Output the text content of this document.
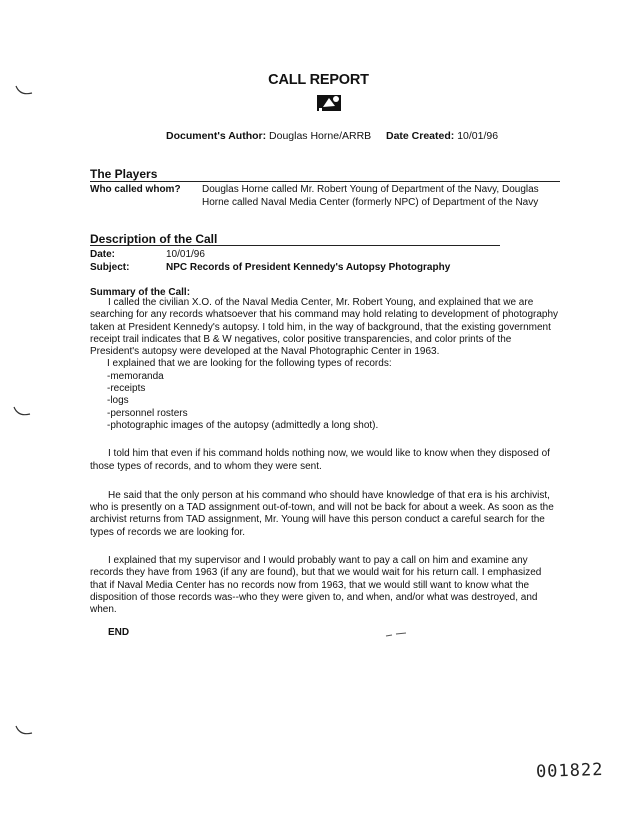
CALL REPORT
Document's Author: Douglas Horne/ARRB Date Created: 10/01/96
The Players
Who called whom? Douglas Horne called Mr. Robert Young of Department of the Navy, Douglas
Horne called Naval Media Center (formerly NPC) of Department of the Navy
Description of the Call
Date:	10/01/96
Subject:	NPC Records of President Kennedy's Autopsy Photography
Summary of the Call:

I called the civilian X.O. of the Naval Media Center, Mr. Robert Young, and explained that we are

searching for any records whatsoever that his command may hold relating to development of photography

taken at President Kennedy's autopsy. I told him, in the way of background, that the existing government

receipt trail indicates that B & W negatives, color positive transparencies, and color prints of the

President's autopsy were developed at the Naval Photographic Center in 1963.

I explained that we are looking for the following types of records:

-memoranda

-receipts

-logs

-personnel rosters

-photographic images of the autopsy (admittedly a long shot).

I told him that even if his command holds nothing now, we would like to know when they disposed of

those types of records, and to whom they were sent.

He said that the only person at his command who should have knowledge of that era is his archivist,

who is presently on a TAD assignment out-of-town, and will not be back for about a week. As soon as the

archivist returns from TAD assignment, Mr. Young will have this person conduct a careful search for the

types of records we are looking for.

I explained that my supervisor and I would probably want to pay a call on him and examine any

records they have from 1963 (if any are found), but that we would wait for his return call. I emphasized

that if Naval Media Center has no records now from 1963, that we would still want to know what the

disposition of those records was--who they were given to, and when, and/or what was destroyed, and

when.

END
001822
